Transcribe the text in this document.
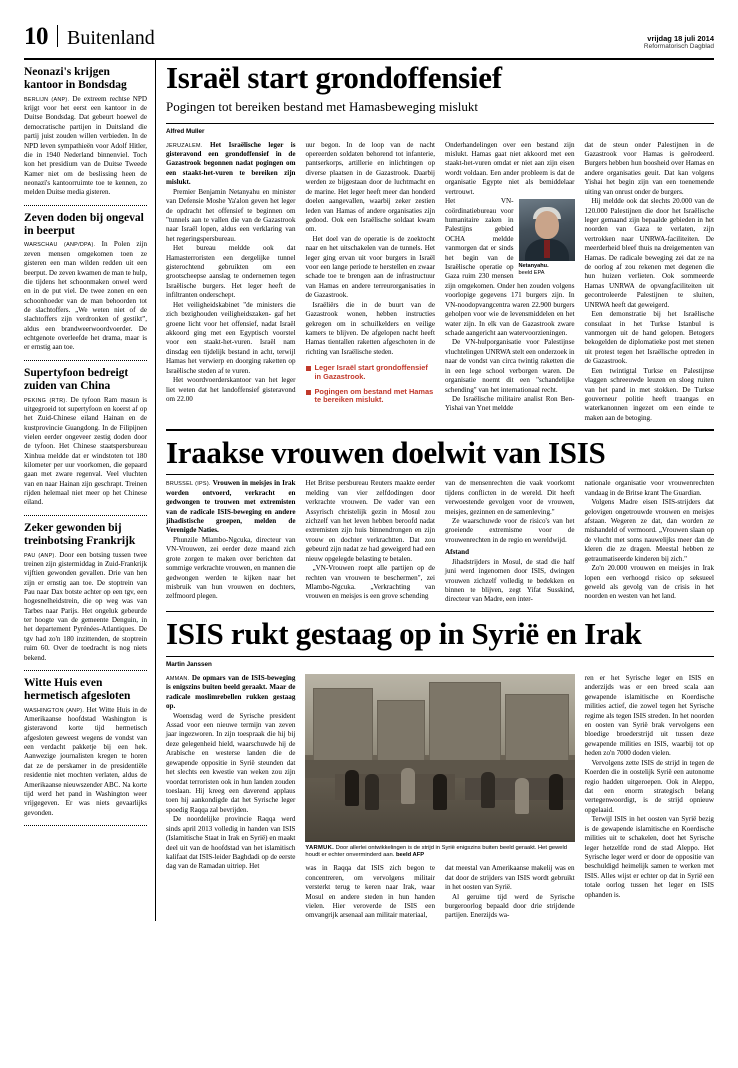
10 Buitenland	vrijdag 18 juli 2014
Reformatorisch Dagblad
Neonazi's krijgen kantoor in Bondsdag

BERLIJN (ANP). De extreem rechtse NPD krijgt voor het eerst een kantoor in de Duitse Bondsdag. Dat gebeurt hoewel de democratische partijen in Duitsland die partij juist zouden willen verbieden. In de NPD leven sympathieën voor Adolf Hitler, die in 1940 Nederland binnenviel. Toch kon het presidium van de Duitse Tweede Kamer niet om de beslissing heen de neonazi's kantoorruimte toe te kennen, zo melden Duitse media gisteren.

Zeven doden bij ongeval in beerput

WARSCHAU (ANP/DPA). In Polen zijn zeven mensen omgekomen toen ze gisteren een man wilden redden uit een beerput. De zeven kwamen de man te hulp, die tijdens het schoonmaken onwel werd en in de put viel. De twee zonen en een schoonhoeder van de man behoorden tot de slachtoffers. „We weten niet of de slachtoffers zijn verdronken of gestikt”, aldus een brandweerwoordvoerder. De echtgenote overleefde het drama, maar is er ernstig aan toe.

Supertyfoon bedreigt zuiden van China

PEKING (RTR). De tyfoon Ram masun is uitgegroeid tot supertyfoon en koerst af op het Zuid-Chinese eiland Hainan en de kustprovincie Guangdong. In de Filipijnen vielen eerder ongeveer zestig doden door de tyfoon. Het Chinese staatspersbureau Xinhua meldde dat er windstoten tot 180 kilometer per uur voorkomen, die gepaard gaan met zware regenval. Veel vluchten van en naar Hainan zijn geschrapt. Treinen rijden helemaal niet meer op het Chinese eiland.

Zeker gewonden bij treinbotsing Frankrijk

PAU (ANP). Door een botsing tussen twee treinen zijn gistermiddag in Zuid-Frankrijk vijftien gewonden gevallen. Drie van hen zijn er ernstig aan toe. De stoptrein van Pau naar Dax botste achter op een tgv, een hogesnelheidstrein, die op weg was van Tarbes naar Parijs. Het ongeluk gebeurde ter hoogte van de gemeente Denguin, in het departement Pyrénées-Atlantiques. De tgv had zo'n 180 inzittenden, de stoptrein ruim 60. Over de toedracht is nog niets bekend.

Witte Huis even hermetisch afgesloten

WASHINGTON (ANP). Het Witte Huis in de Amerikaanse hoofdstad Washington is gisteravond korte tijd hermetisch afgesloten geweest wegens de vondst van een verdacht pakketje bij een hek. Aanwezige journalisten kregen te horen dat ze de perskamer in de presidentiële residentie niet mochten verlaten, aldus de Amerikaanse nieuwszender ABC. Na korte tijd werd het pand in Washington weer vrijgegeven. Er was niets gevaarlijks gevonden.

Israël start grondoffensief
Pogingen tot bereiken bestand met Hamasbeweging mislukt
Alfred Muller

JERUZALEM. Het Israëlische leger is gisteravond een grondoffensief in de Gazastrook begonnen nadat pogingen om een staakt-het-vuren te bereiken zijn mislukt.

Premier Benjamin Netanyahu en minister van Defensie Moshe Ya'alon geven het leger de opdracht het offensief te beginnen om "tunnels aan te vallen die van de Gazastrook naar Israël lopen, aldus een verklaring van het regeringspersbureau.

Het bureau meldde ook dat Hamasterroristen een dergelijke tunnel gisterochtend gebruikten om een grootscheepse aanslag te ondernemen tegen Israëlische burgers. Het leger heeft de infiltranten onderschept.

Het veiligheidskabinet "de ministers die zich bezighouden veiligheidszaken- gaf het groene licht voor het offensief, nadat Israël akkoord ging met een Egyptisch voorstel voor een staakt-het-vuren. Israël nam dinsdag een tijdelijk bestand in acht, terwijl Hamas het verwierp en doorging raketten op Israëlische steden af te vuren.

Het woordvoerderskantoor van het leger liet weten dat het landoffensief gisteravond om 22.00

uur begon. In de loop van de nacht opereerden soldaten behorend tot infanterie, pantserkorps, artillerie en inlichtingen op diverse plaatsen in de Gazastrook. Daarbij werden ze bijgestaan door de luchtmacht en de marine. Het leger heeft meer dan honderd doelen aangevallen, waarbij zeker zestien leden van Hamas of andere organisaties zijn gedood. Ook een Israëlische soldaat kwam om.

Het doel van de operatie is de zoektocht naar en het uitschakelen van de tunnels. Het leger ging ervan uit voor burgers in Israël voor een lange periode te herstellen en zwaar schade toe te brengen aan de infrastructuur van Hamas en andere terreurorganisaties in de Gazastrook.

Israëliërs die in de buurt van de Gazastrook wonen, hebben instructies gekregen om in schuilkelders en veilige kamers te blijven. De afgelopen nacht heeft Hamas tientallen raketten afgeschoten in de richting van Israëlische steden.

Leger Israël start grondoffensief in Gazastrook.
Pogingen om bestand met Hamas te bereiken mislukt.

Onderhandelingen over een bestand zijn mislukt. Hamas gaat niet akkoord met een staakt-het-vuren omdat er niet aan zijn eisen wordt voldaan. Een ander probleem is dat de organisatie Egypte niet als bemiddelaar vertrouwt.

Netanyahu.
beeld EPA

Het VN-coördinatiebureau voor humanitaire zaken in Palestijns gebied OCHA meldde vanmorgen dat er sinds het begin van de Israëlische operatie op Gaza ruim 230 mensen zijn omgekomen. Onder hen zouden volgens voorlopige gegevens 171 burgers zijn. In VN-noodopvangcentra waren 22.900 burgers geholpen voor wie de levensmiddelen en het water zijn. In elk van de Gazastrook zware schade aangericht aan watervoorzieningen.

De VN-hulporganisatie voor Palestijnse vluchtelingen UNRWA stelt een onderzoek in naar de vondst van circa twintig raketten die in een lege school verborgen waren. De organisatie noemt dit een "schandelijke schending" van het internationaal recht.

De Israëlische militaire analist Ron Ben-Yishai van Ynet meldde

dat de steun onder Palestijnen in de Gazastrook voor Hamas is geërodeerd. Burgers hebben hun boosheid over Hamas en andere organisaties geuit. Dat kan volgens Yishai het begin zijn van een toenemende uiting van onrust onder de burgers.

Hij meldde ook dat slechts 20.000 van de 120.000 Palestijnen die door het Israëlische leger gemaand zijn bepaalde gebieden in het noorden van Gaza te verlaten, zijn vertrokken naar UNRWA-faciliteiten. De meerderheid bleef thuis na dreigementen van Hamas. De radicale beweging zei dat ze na de oorlog af zou rekenen met degenen die hun huizen verlieten. Ook sommeerde Hamas UNRWA de opvangfaciliteiten uit gecontroleerde Palestijnen te sluiten, UNRWA heeft dat geweigerd.

Een demonstratie bij het Israëlische consulaat in het Turkse Istanbul is vanmorgen uit de hand gelopen. Betogers bekogelden de diplomatieke post met stenen uit protest tegen het Israëlische optreden in de Gazastrook.

Een twintigtal Turkse en Palestijnse vlaggen schreeuwde leuzen en sloeg ruiten van het pand in met stokken. De Turkse gouverneur politie heeft traangas en waterkanonnen ingezet om een einde te maken aan de betoging.

Iraakse vrouwen doelwit van ISIS

BRUSSEL (IPS). Vrouwen in meisjes in Irak worden ontvoerd, verkracht en gedwongen te trouwen met extremisten van de radicale ISIS-beweging en andere jihadistische groepen, melden de Verenigde Naties.

Phunzile Mlambo-Ngcuka, directeur van VN-Vrouwen, zei eerder deze maand zich grote zorgen te maken over berichten dat sommige verkrachte vrouwen, en mannen die gedwongen werden te kijken naar het misbruik van hun vrouwen en dochters, zelfmoord plegen.

Het Britse persbureau Reuters maakte eerder melding van vier zelfdodingen door verkrachte vrouwen. De vader van een Assyrisch christelijk gezin in Mosul zou zichzelf van het leven hebben beroofd nadat extremisten zijn huis binnendrongen en zijn vrouw en dochter verkrachtten. Dat zou gebeurd zijn nadat ze had geweigerd had een nieuw opgelegde belasting te betalen.

„VN-Vrouwen roept alle partijen op de rechten van vrouwen te beschermen", zei Mlambo-Ngcuka. „Verkrachting van vrouwen en meisjes is een grove schending

van de mensenrechten die vaak voorkomt tijdens conflicten in de wereld. Dit heeft verwoestende gevolgen voor de vrouwen, meisjes, gezinnen en de samenleving."

Ze waarschuwde voor de risico's van het groeiende extremisme voor de vrouwenrechten in de regio en wereldwijd.

Afstand

Jihadstrijders in Mosul, de stad die half juni werd ingenomen door ISIS, dwingen vrouwen zichzelf volledig te bedekken en binnen te blijven, zegt Yifat Susskind, directeur van Madre, een inter-

nationale organisatie voor vrouwenrechten vandaag in de Britse krant The Guardian.

Volgens Madre eisen ISIS-strijders dat gelovigen ongetrouwde vrouwen en meisjes afstaan. Wegeren ze dat, dan worden ze mishandeld of vermoord. „Vrouwen slaan op de vlucht met soms nauwelijks meer dan de kleren die ze dragen. Meestal hebben ze getraumatiseerde kinderen bij zich."

Zo'n 20.000 vrouwen en meisjes in Irak lopen een verhoogd risico op seksueel geweld als gevolg van de crisis in het noorden en westen van het land.

ISIS rukt gestaag op in Syrië en Irak
Martin Janssen

AMMAN. De opmars van de ISIS-beweging is enigszins buiten beeld geraakt. Maar de radicale moslimrebellen rukken gestaag op.

Woensdag werd de Syrische president Assad voor een nieuwe termijn van zeven jaar ingezworen. In zijn toespraak die hij bij deze gelegenheid hield, waarschuwde hij de Arabische en westerse landen die de gewapende oppositie in Syrië steunden dat het slechts een kwestie van weken zou zijn voordat terroristen ook in hun landen zouden toeslaan. Hij kreeg een daverend applaus toen hij aankondigde dat het Syrische leger spoedig Raqqa zal bevrijden.

De noordelijke provincie Raqqa werd sinds april 2013 volledig in handen van ISIS (Islamitische Staat in Irak en Syrië) en maakt deel uit van de hoofdstad van het islamitisch kalifaat dat ISIS-leider Baghdadi op de eerste dag van de Ramadan uitriep. Het

YARMUK. Door allerlei ontwikkelingen is de strijd in Syrië enigszins buiten beeld geraakt. Het geweld houdt er echter onverminderd aan. beeld AFP

was in Raqqa dat ISIS zich begon te concentreren, om vervolgens militair versterkt terug te keren naar Irak, waar Mosul en andere steden in hun handen vielen. Hier veroverde de ISIS een omvangrijk arsenaal aan militair materiaal,

dat meestal van Amerikaanse makelij was en dat door de strijders van ISIS wordt gebruikt in het oosten van Syrië.

Al geruime tijd werd de Syrische burgeroorlog bepaald door drie strijdende partijen. Enerzijds wa-

ren er het Syrische leger en ISIS en anderzijds was er een breed scala aan gewapende islamitische en Koerdische milities actief, die zowel tegen het Syrische regime als tegen ISIS streden. In het noorden en oosten van Syrië brak vervolgens een bloedige broederstrijd uit tussen deze gewapende milities en ISIS, waarbij tot op heden zo'n 7000 doden vielen.

Vervolgens zette ISIS de strijd in tegen de Koerden die in oostelijk Syrië een autonome regio hadden uitgeroepen. Ook in Aleppo, dat een enorm strategisch belang vertegenwoordigt, is de strijd opnieuw opgelaaid.

Terwijl ISIS in het oosten van Syrië bezig is de gewapende islamitische en Koerdische milities uit te schakelen, doet het Syrische leger hetzelfde rond de stad Aleppo. Het Syrische leger werd er door de oppositie van beschuldigd heimelijk samen te werken met ISIS. Alles wijst er echter op dat in Syrië een totale oorlog tussen het leger en ISIS ophanden is.
